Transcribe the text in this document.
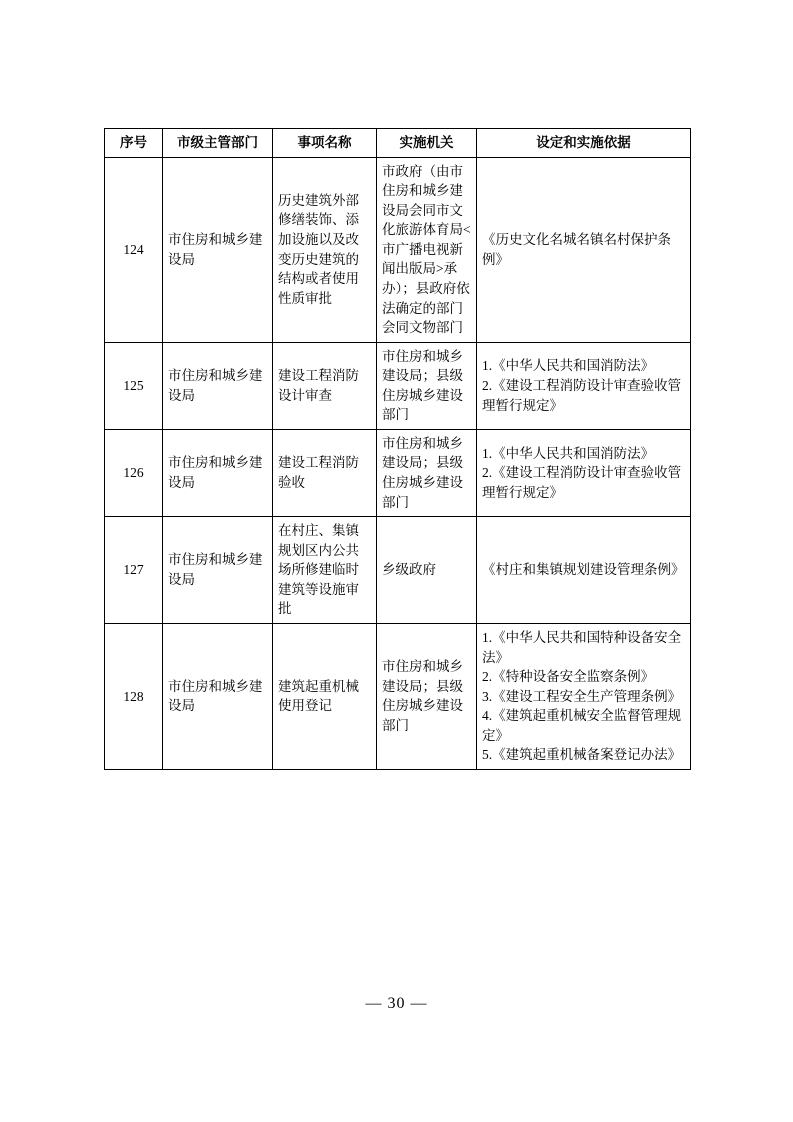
序号	市级主管部门	事项名称	实施机关	设定和实施依据
124	市住房和城乡建设局	历史建筑外部修缮装饰、添加设施以及改变历史建筑的结构或者使用性质审批	市政府（由市住房和城乡建设局会同市文化旅游体育局<市广播电视新闻出版局>承办）；县政府依法确定的部门会同文物部门	《历史文化名城名镇名村保护条例》

125	市住房和城乡建设局	建设工程消防设计审查	市住房和城乡建设局；县级住房城乡建设部门	1.《中华人民共和国消防法》
2.《建设工程消防设计审查验收管理暂行规定》

126	市住房和城乡建设局	建设工程消防验收	市住房和城乡建设局；县级住房城乡建设部门	1.《中华人民共和国消防法》
2.《建设工程消防设计审查验收管理暂行规定》

127	市住房和城乡建设局	在村庄、集镇规划区内公共场所修建临时建筑等设施审批	乡级政府	《村庄和集镇规划建设管理条例》

128	市住房和城乡建设局	建筑起重机械使用登记	市住房和城乡建设局；县级住房城乡建设部门	1.《中华人民共和国特种设备安全法》
2.《特种设备安全监察条例》
3.《建设工程安全生产管理条例》
4.《建筑起重机械安全监督管理规定》
5.《建筑起重机械备案登记办法》
— 30 —
